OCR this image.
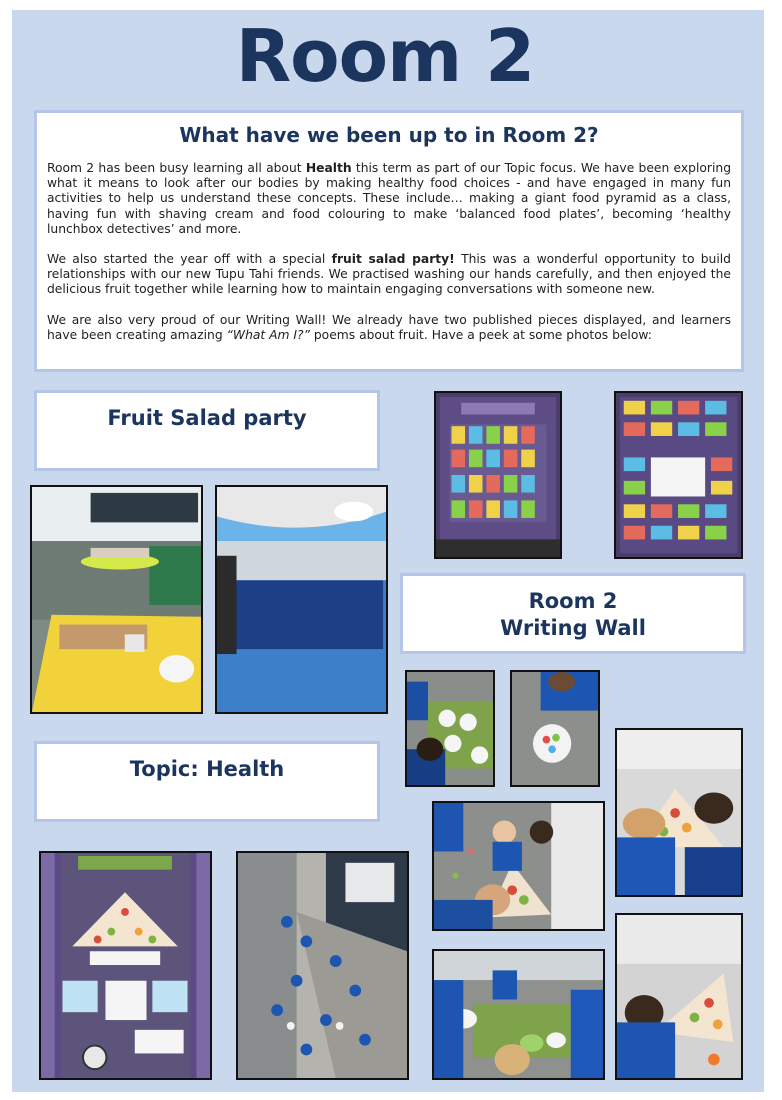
Room 2
What have we been up to in Room 2?

Room 2 has been busy learning all about Health this term as part of our Topic focus. We have been exploring what it means to look after our bodies by making healthy food choices - and have engaged in many fun activities to help us understand these concepts. These include… making a giant food pyramid as a class, having fun with shaving cream and food colouring to make ‘balanced food plates’, becoming ‘healthy lunchbox detectives’ and more.

We also started the year off with a special fruit salad party! This was a wonderful opportunity to build relationships with our new Tupu Tahi friends. We practised washing our hands carefully, and then enjoyed the delicious fruit together while learning how to maintain engaging conversations with someone new.

We are also very proud of our Writing Wall! We already have two published pieces displayed, and learners have been creating amazing “What Am I?” poems about fruit. Have a peek at some photos below:

Fruit Salad party
Room 2
Writing Wall
Topic: Health
